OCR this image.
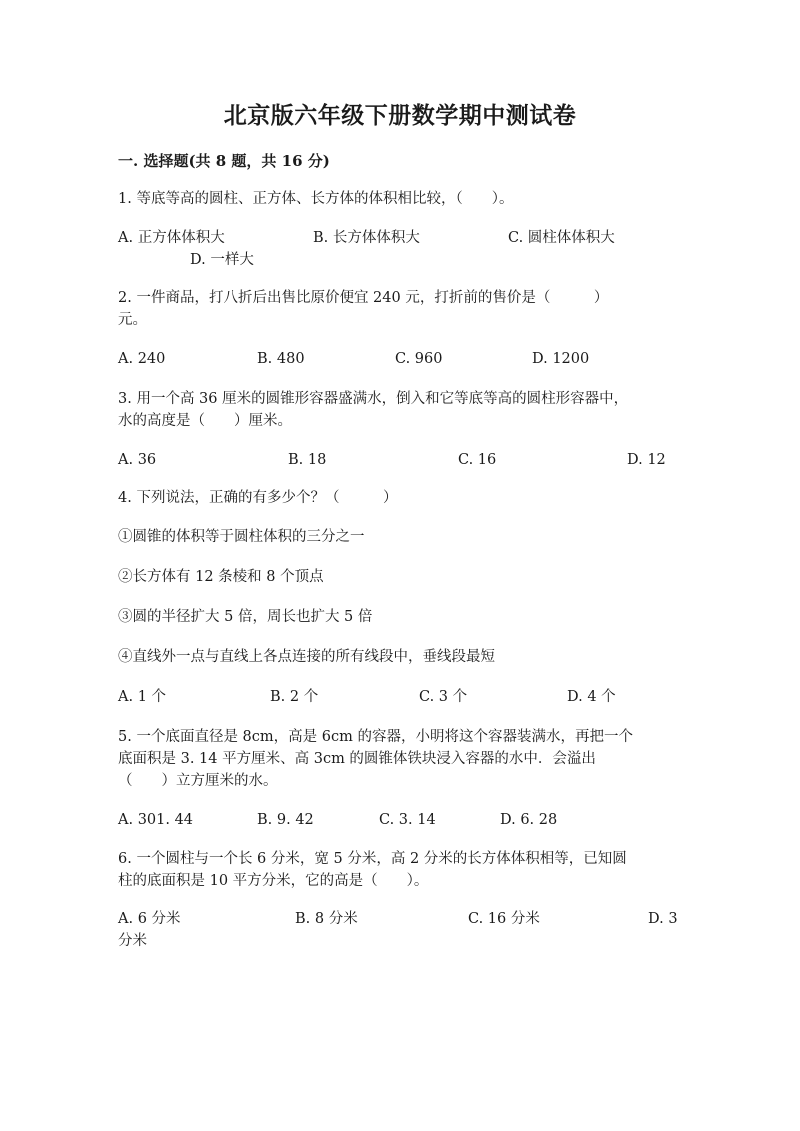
北京版六年级下册数学期中测试卷
一. 选择题(共 8 题，共 16 分)
1. 等底等高的圆柱、正方体、长方体的体积相比较，（　　）。
A. 正方体体积大	B. 长方体体积大	C. 圆柱体体积大
D. 一样大
2. 一件商品，打八折后出售比原价便宜 240 元，打折前的售价是（　　　）
元。
A. 240	B. 480	C. 960	D. 1200
3. 用一个高 36 厘米的圆锥形容器盛满水，倒入和它等底等高的圆柱形容器中，
水的高度是（　　）厘米。
A. 36	B. 18	C. 16	D. 12
4. 下列说法，正确的有多少个？（　　　）
①圆锥的体积等于圆柱体积的三分之一
②长方体有 12 条棱和 8 个顶点
③圆的半径扩大 5 倍，周长也扩大 5 倍
④直线外一点与直线上各点连接的所有线段中，垂线段最短
A. 1 个	B. 2 个	C. 3 个	D. 4 个
5. 一个底面直径是 8cm，高是 6cm 的容器，小明将这个容器装满水，再把一个
底面积是 3. 14 平方厘米、高 3cm 的圆锥体铁块浸入容器的水中．会溢出
（　　）立方厘米的水。
A. 301. 44	B. 9. 42	C. 3. 14	D. 6. 28
6. 一个圆柱与一个长 6 分米，宽 5 分米，高 2 分米的长方体体积相等，已知圆
柱的底面积是 10 平方分米，它的高是（　　）。
A. 6 分米	B. 8 分米	C. 16 分米	D. 3
分米
